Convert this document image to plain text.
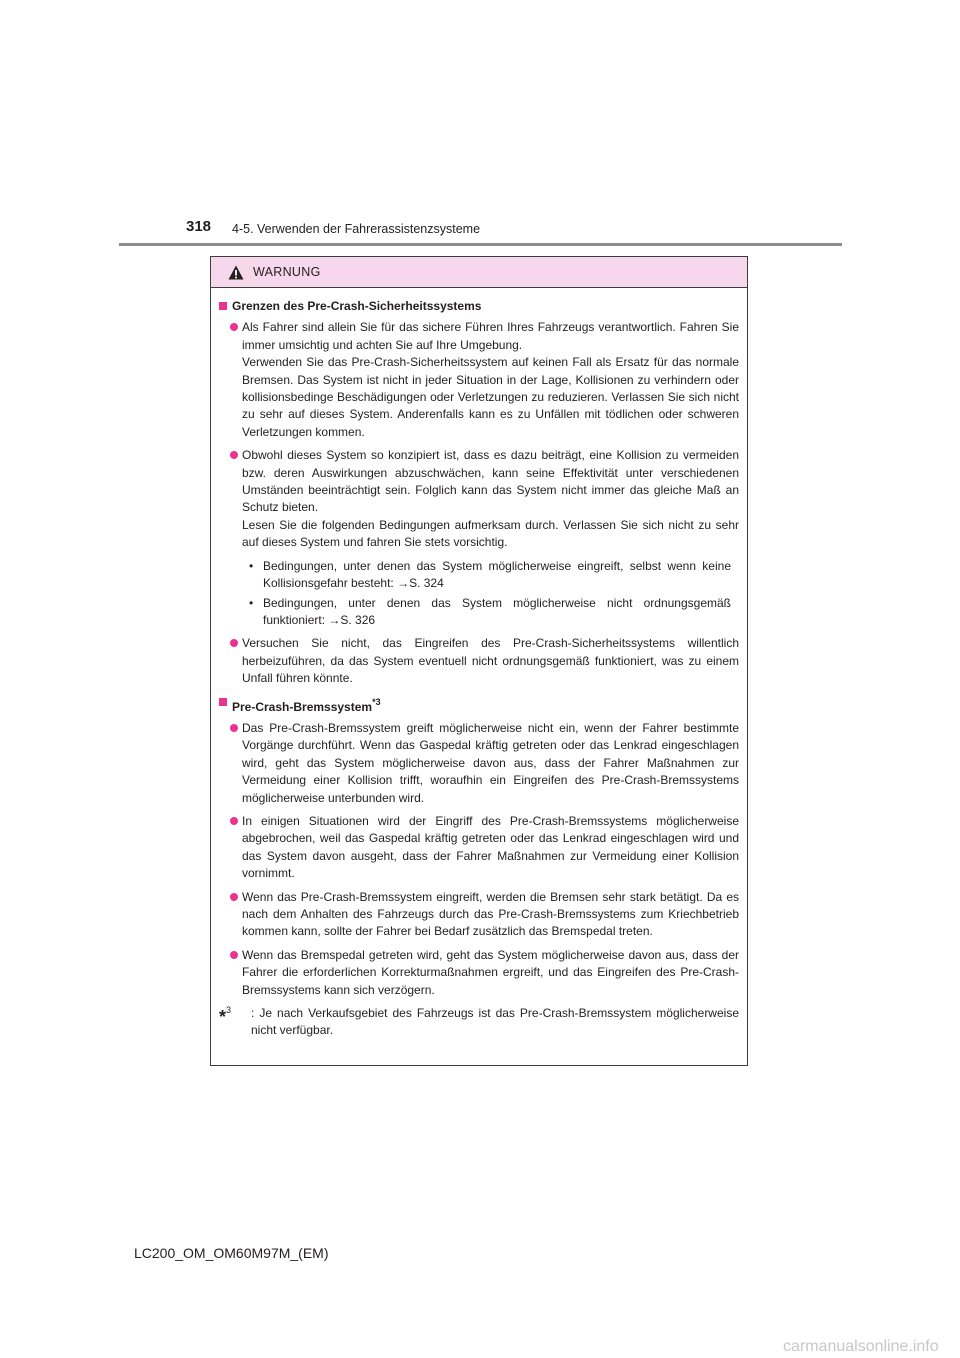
318 4-5. Verwenden der Fahrerassistenzsysteme
WARNUNG
Grenzen des Pre-Crash-Sicherheitssystems

Als Fahrer sind allein Sie für das sichere Führen Ihres Fahrzeugs verantwortlich. Fahren Sie immer umsichtig und achten Sie auf Ihre Umgebung.

Verwenden Sie das Pre-Crash-Sicherheitssystem auf keinen Fall als Ersatz für das normale Bremsen. Das System ist nicht in jeder Situation in der Lage, Kollisionen zu verhindern oder kollisionsbedinge Beschädigungen oder Verletzungen zu reduzieren. Verlassen Sie sich nicht zu sehr auf dieses System. Anderenfalls kann es zu Unfällen mit tödlichen oder schweren Verletzungen kommen.

Obwohl dieses System so konzipiert ist, dass es dazu beiträgt, eine Kollision zu vermeiden bzw. deren Auswirkungen abzuschwächen, kann seine Effektivität unter verschiedenen Umständen beeinträchtigt sein. Folglich kann das System nicht immer das gleiche Maß an Schutz bieten.

Lesen Sie die folgenden Bedingungen aufmerksam durch. Verlassen Sie sich nicht zu sehr auf dieses System und fahren Sie stets vorsichtig.

• Bedingungen, unter denen das System möglicherweise eingreift, selbst wenn keine Kollisionsgefahr besteht: →S. 324
• Bedingungen, unter denen das System möglicherweise nicht ordnungsgemäß funktioniert: →S. 326

Versuchen Sie nicht, das Eingreifen des Pre-Crash-Sicherheitssystems willentlich herbeizuführen, da das System eventuell nicht ordnungsgemäß funktioniert, was zu einem Unfall führen könnte.

Pre-Crash-Bremssystem$^{*3}$

Das Pre-Crash-Bremssystem greift möglicherweise nicht ein, wenn der Fahrer bestimmte Vorgänge durchführt. Wenn das Gaspedal kräftig getreten oder das Lenkrad eingeschlagen wird, geht das System möglicherweise davon aus, dass der Fahrer Maßnahmen zur Vermeidung einer Kollision trifft, woraufhin ein Eingreifen des Pre-Crash-Bremssystems möglicherweise unterbunden wird.

In einigen Situationen wird der Eingriff des Pre-Crash-Bremssystems möglicherweise abgebrochen, weil das Gaspedal kräftig getreten oder das Lenkrad eingeschlagen wird und das System davon ausgeht, dass der Fahrer Maßnahmen zur Vermeidung einer Kollision vornimmt.

Wenn das Pre-Crash-Bremssystem eingreift, werden die Bremsen sehr stark betätigt. Da es nach dem Anhalten des Fahrzeugs durch das Pre-Crash-Bremssystems zum Kriechbetrieb kommen kann, sollte der Fahrer bei Bedarf zusätzlich das Bremspedal treten.

Wenn das Bremspedal getreten wird, geht das System möglicherweise davon aus, dass der Fahrer die erforderlichen Korrekturmaßnahmen ergreift, und das Eingreifen des Pre-Crash-Bremssystems kann sich verzögern.

*$^3$ : Je nach Verkaufsgebiet des Fahrzeugs ist das Pre-Crash-Bremssystem möglicherweise nicht verfügbar.
LC200_OM_OM60M97M_(EM)
carmanualsonline.info
